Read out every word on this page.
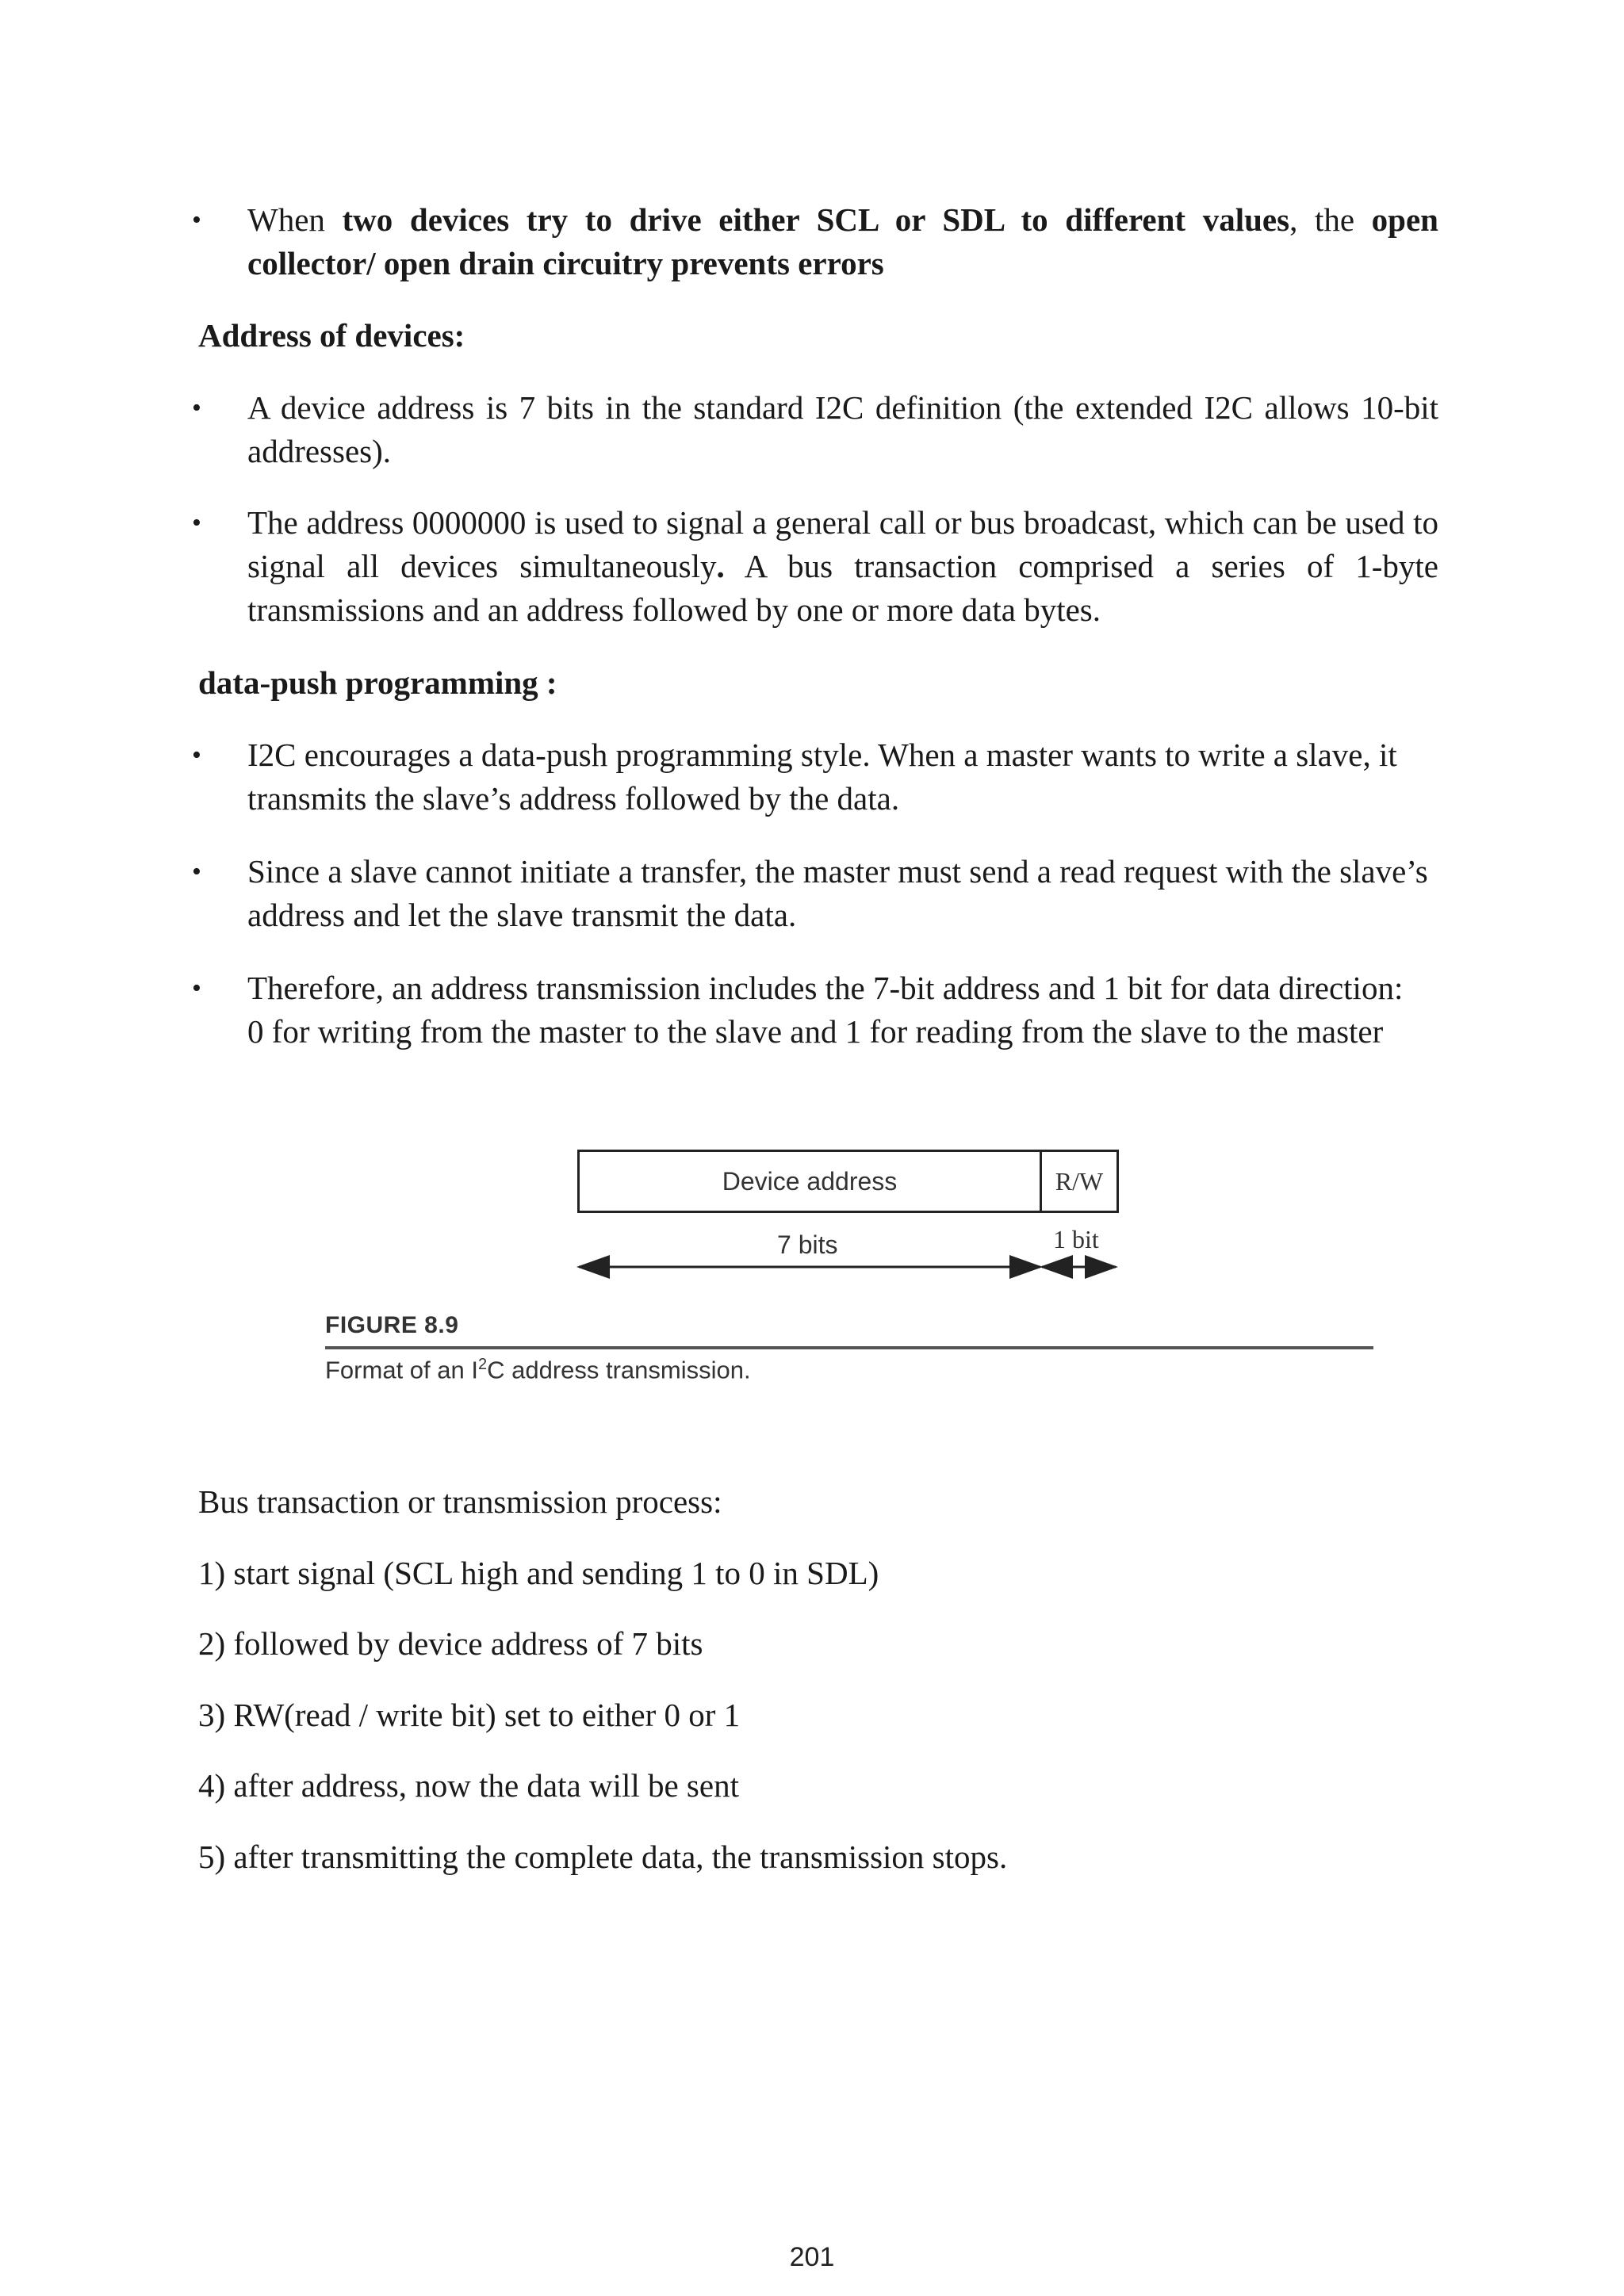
• When two devices try to drive either SCL or SDL to different values, the open collector/ open drain circuitry prevents errors
Address of devices:
• A device address is 7 bits in the standard I2C definition (the extended I2C allows 10-bit addresses).
• The address 0000000 is used to signal a general call or bus broadcast, which can be used to signal all devices simultaneously. A bus transaction comprised a series of 1-byte transmissions and an address followed by one or more data bytes.
data-push programming :
• I2C encourages a data-push programming style. When a master wants to write a slave, it transmits the slave’s address followed by the data.
• Since a slave cannot initiate a transfer, the master must send a read request with the slave’s address and let the slave transmit the data.
• Therefore, an address transmission includes the 7-bit address and 1 bit for data direction: 0 for writing from the master to the slave and 1 for reading from the slave to the master
Device address	R/W
7 bits	1 bit
FIGURE 8.9
Format of an $I^2C$ address transmission.
Bus transaction or transmission process:
1) start signal (SCL high and sending 1 to 0 in SDL)
2) followed by device address of 7 bits
3) RW(read / write bit) set to either 0 or 1
4) after address, now the data will be sent
5) after transmitting the complete data, the transmission stops.
201
